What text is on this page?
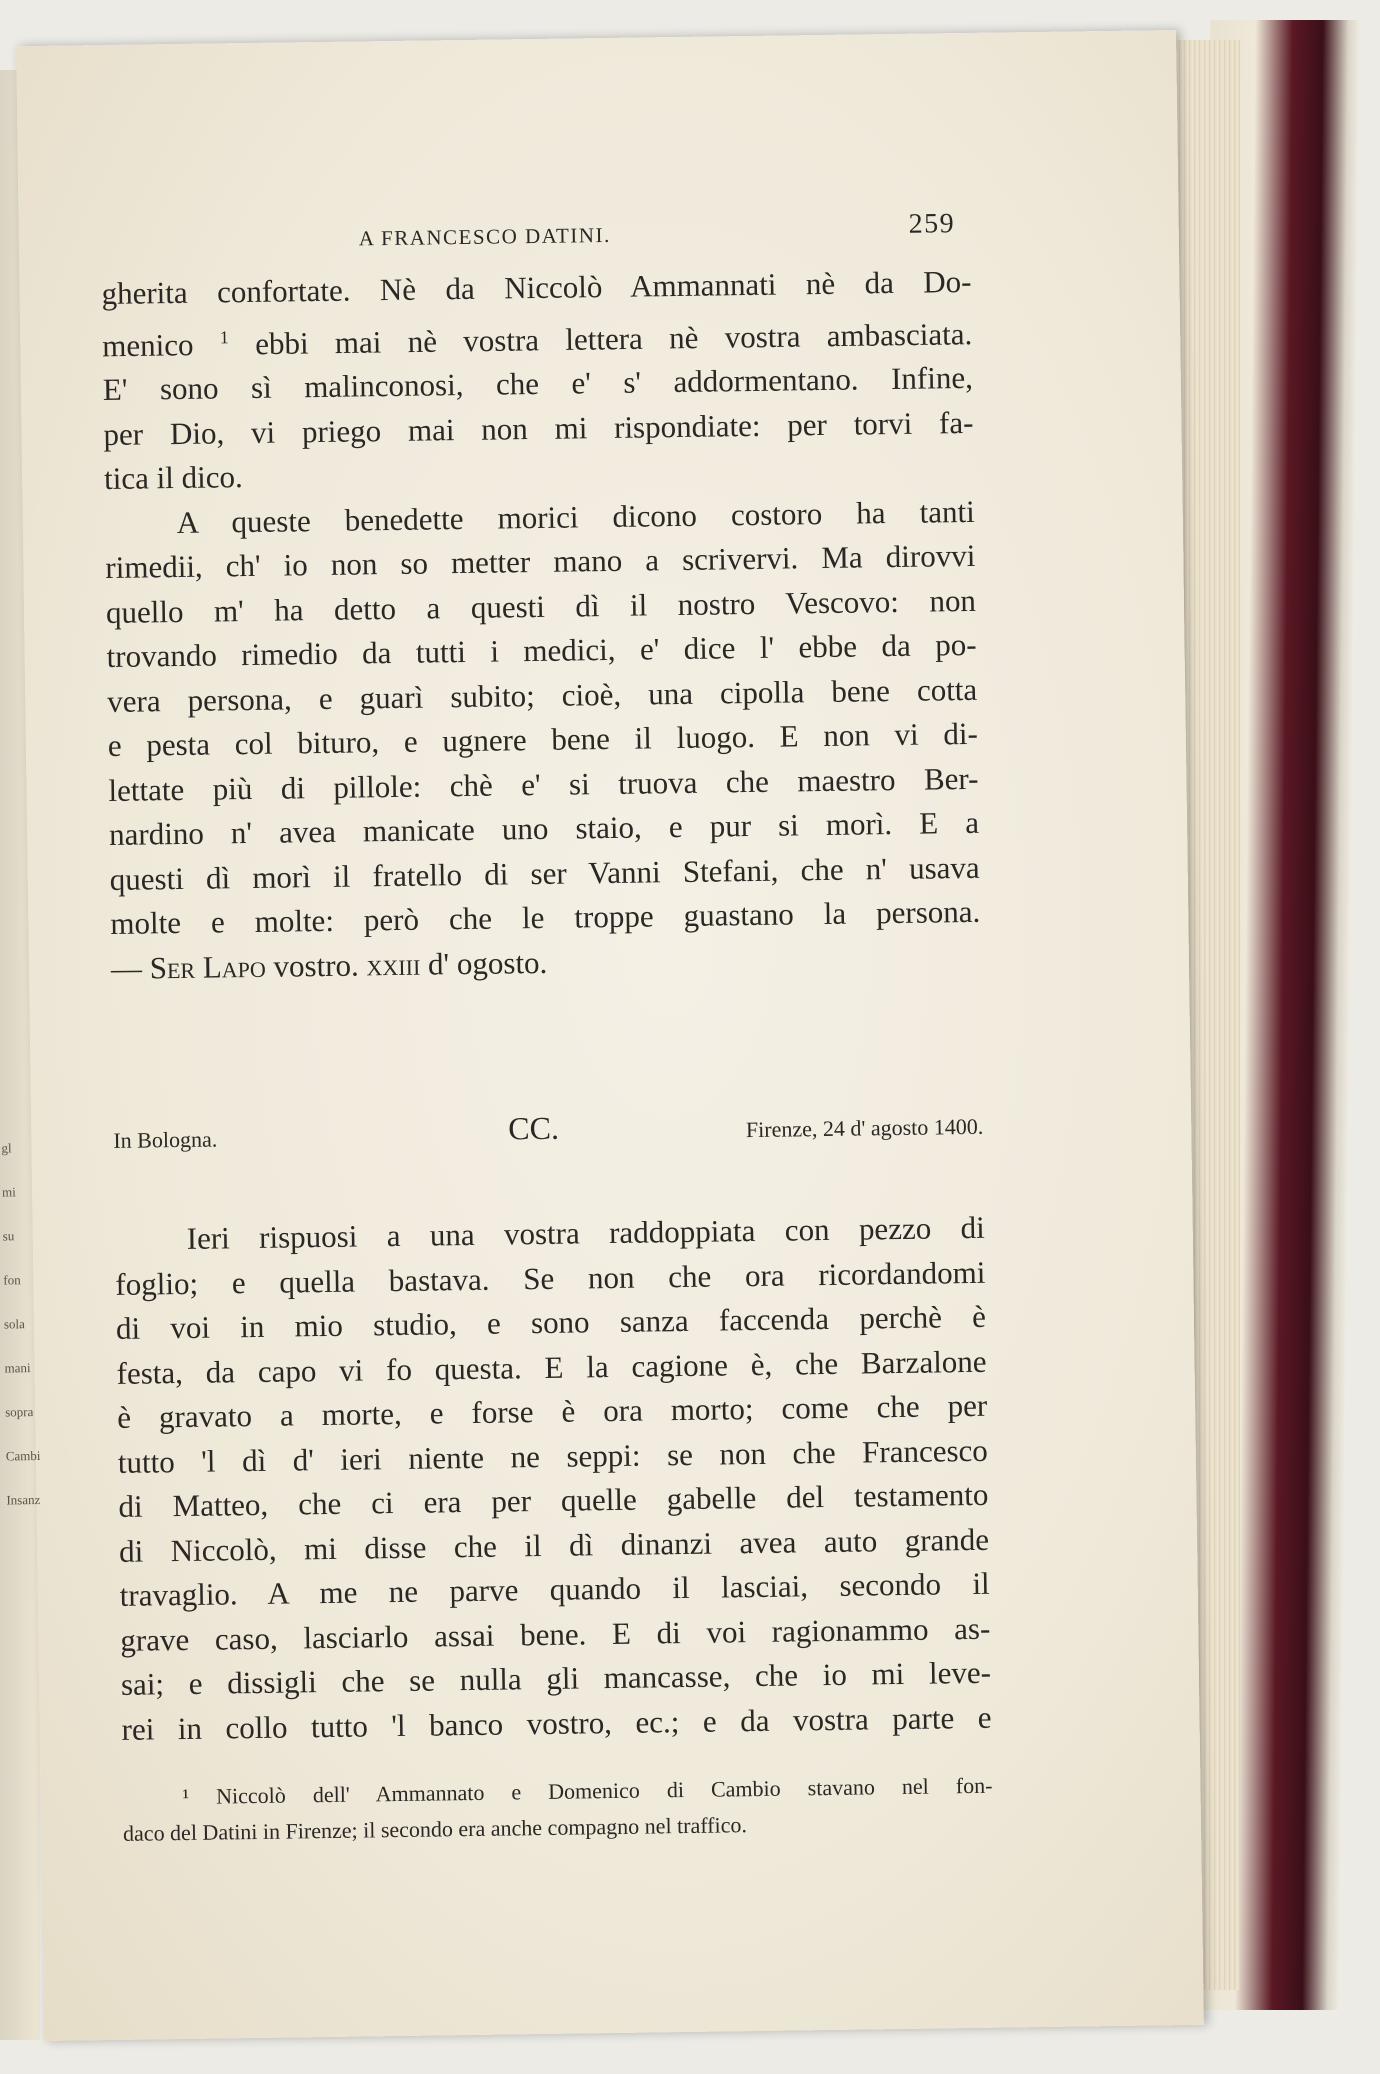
gl
mi
su
fon
sola
mani
sopra
Cambi
Insanz
A FRANCESCO DATINI.	259

gherita confortate. Nè da Niccolò Ammannati nè da Do-
menico $^1$ ebbi mai nè vostra lettera nè vostra ambasciata.
E' sono sì malinconosi, che e' s' addormentano. Infine,
per Dio, vi priego mai non mi rispondiate: per torvi fa-
tica il dico.
A queste benedette morici dicono costoro ha tanti
rimedii, ch' io non so metter mano a scrivervi. Ma dirovvi
quello m' ha detto a questi dì il nostro Vescovo: non
trovando rimedio da tutti i medici, e' dice l' ebbe da po-
vera persona, e guarì subito; cioè, una cipolla bene cotta
e pesta col bituro, e ugnere bene il luogo. E non vi di-
lettate più di pillole: chè e' si truova che maestro Ber-
nardino n' avea manicate uno staio, e pur si morì. E a
questi dì morì il fratello di ser Vanni Stefani, che n' usava
molte e molte: però che le troppe guastano la persona.
— Ser Lapo vostro. xxiii d' ogosto.

In Bologna.	CC.	Firenze, 24 d' agosto 1400.

Ieri rispuosi a una vostra raddoppiata con pezzo di
foglio; e quella bastava. Se non che ora ricordandomi
di voi in mio studio, e sono sanza faccenda perchè è
festa, da capo vi fo questa. E la cagione è, che Barzalone
è gravato a morte, e forse è ora morto; come che per
tutto 'l dì d' ieri niente ne seppi: se non che Francesco
di Matteo, che ci era per quelle gabelle del testamento
di Niccolò, mi disse che il dì dinanzi avea auto grande
travaglio. A me ne parve quando il lasciai, secondo il
grave caso, lasciarlo assai bene. E di voi ragionammo as-
sai; e dissigli che se nulla gli mancasse, che io mi leve-
rei in collo tutto 'l banco vostro, ec.; e da vostra parte e

¹ Niccolò dell' Ammannato e Domenico di Cambio stavano nel fon-
daco del Datini in Firenze; il secondo era anche compagno nel traffico.
